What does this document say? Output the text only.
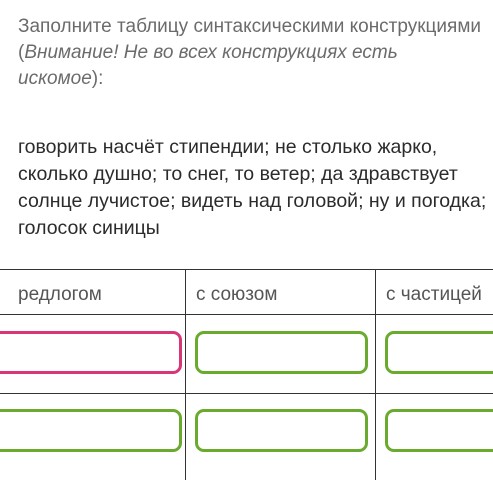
Заполните таблицу синтаксическими конструкциями (Внимание! Не во всех конструкциях есть искомое):

говорить насчёт стипендии; не столько жарко, сколько душно; то снег, то ветер; да здравствует солнце лучистое; видеть над головой; ну и погодка; голосок синицы

редлогом	с союзом	с частицей
